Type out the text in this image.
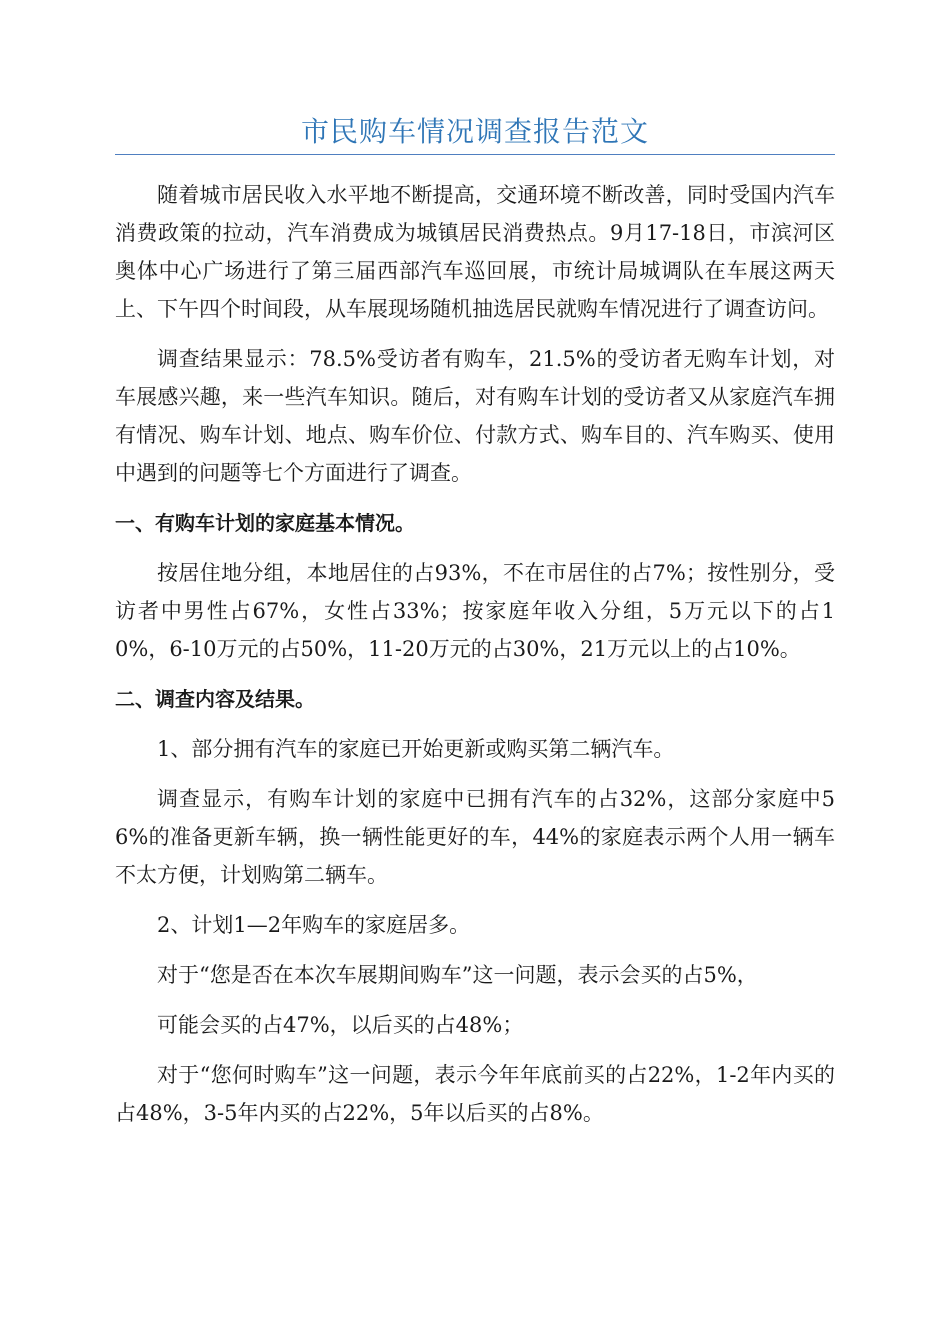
市民购车情况调查报告范文

随着城市居民收入水平地不断提高，交通环境不断改善，同时受国内汽车消费政策的拉动，汽车消费成为城镇居民消费热点。9月17-18日，市滨河区奥体中心广场进行了第三届西部汽车巡回展，市统计局城调队在车展这两天上、下午四个时间段，从车展现场随机抽选居民就购车情况进行了调查访问。

调查结果显示：78.5%受访者有购车，21.5%的受访者无购车计划，对车展感兴趣，来一些汽车知识。随后，对有购车计划的受访者又从家庭汽车拥有情况、购车计划、地点、购车价位、付款方式、购车目的、汽车购买、使用中遇到的问题等七个方面进行了调查。

一、有购车计划的家庭基本情况。

按居住地分组，本地居住的占93%，不在市居住的占7%；按性别分，受访者中男性占67%，女性占33%；按家庭年收入分组，5万元以下的占10%，6-10万元的占50%，11-20万元的占30%，21万元以上的占10%。

二、调查内容及结果。

1、部分拥有汽车的家庭已开始更新或购买第二辆汽车。

调查显示，有购车计划的家庭中已拥有汽车的占32%，这部分家庭中56%的准备更新车辆，换一辆性能更好的车，44%的家庭表示两个人用一辆车不太方便，计划购第二辆车。

2、计划1—2年购车的家庭居多。

对于“您是否在本次车展期间购车”这一问题，表示会买的占5%，

可能会买的占47%，以后买的占48%；

对于“您何时购车”这一问题，表示今年年底前买的占22%，1-2年内买的占48%，3-5年内买的占22%，5年以后买的占8%。
